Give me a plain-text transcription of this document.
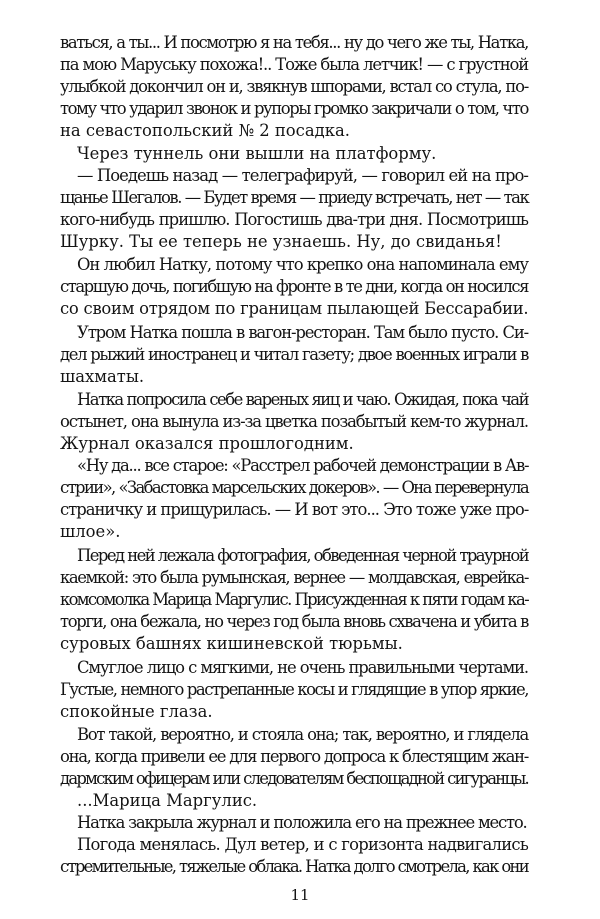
ваться, а ты... И посмотрю я на тебя... ну до чего же ты, Натка,
па мою Маруську похожа!.. Тоже была летчик! — с грустной
улыбкой докончил он и, звякнув шпорами, встал со стула, по-
тому что ударил звонок и рупоры громко закричали о том, что
на севастопольский № 2 посадка.
Через туннель они вышли на платформу.
— Поедешь назад — телеграфируй, — говорил ей на про-
щанье Шегалов. — Будет время — приеду встречать, нет — так
кого-нибудь пришлю. Погостишь два-три дня. Посмотришь
Шурку. Ты ее теперь не узнаешь. Ну, до свиданья!
Он любил Натку, потому что крепко она напоминала ему
старшую дочь, погибшую на фронте в те дни, когда он носился
со своим отрядом по границам пылающей Бессарабии.
Утром Натка пошла в вагон-ресторан. Там было пусто. Си-
дел рыжий иностранец и читал газету; двое военных играли в
шахматы.
Натка попросила себе вареных яиц и чаю. Ожидая, пока чай
остынет, она вынула из-за цветка позабытый кем-то журнал.
Журнал оказался прошлогодним.
«Ну да... все старое: «Расстрел рабочей демонстрации в Ав-
стрии», «Забастовка марсельских докеров». — Она перевернула
страничку и прищурилась. — И вот это... Это тоже уже про-
шлое».
Перед ней лежала фотография, обведенная черной траурной
каемкой: это была румынская, вернее — молдавская, еврейка-
комсомолка Марица Маргулис. Присужденная к пяти годам ка-
торги, она бежала, но через год была вновь схвачена и убита в
суровых башнях кишиневской тюрьмы.
Смуглое лицо с мягкими, не очень правильными чертами.
Густые, немного растрепанные косы и глядящие в упор яркие,
спокойные глаза.
Вот такой, вероятно, и стояла она; так, вероятно, и глядела
она, когда привели ее для первого допроса к блестящим жан-
дармским офицерам или следователям беспощадной сигуранцы.
...Марица Маргулис.
Натка закрыла журнал и положила его на прежнее место.
Погода менялась. Дул ветер, и с горизонта надвигались
стремительные, тяжелые облака. Натка долго смотрела, как они
11
